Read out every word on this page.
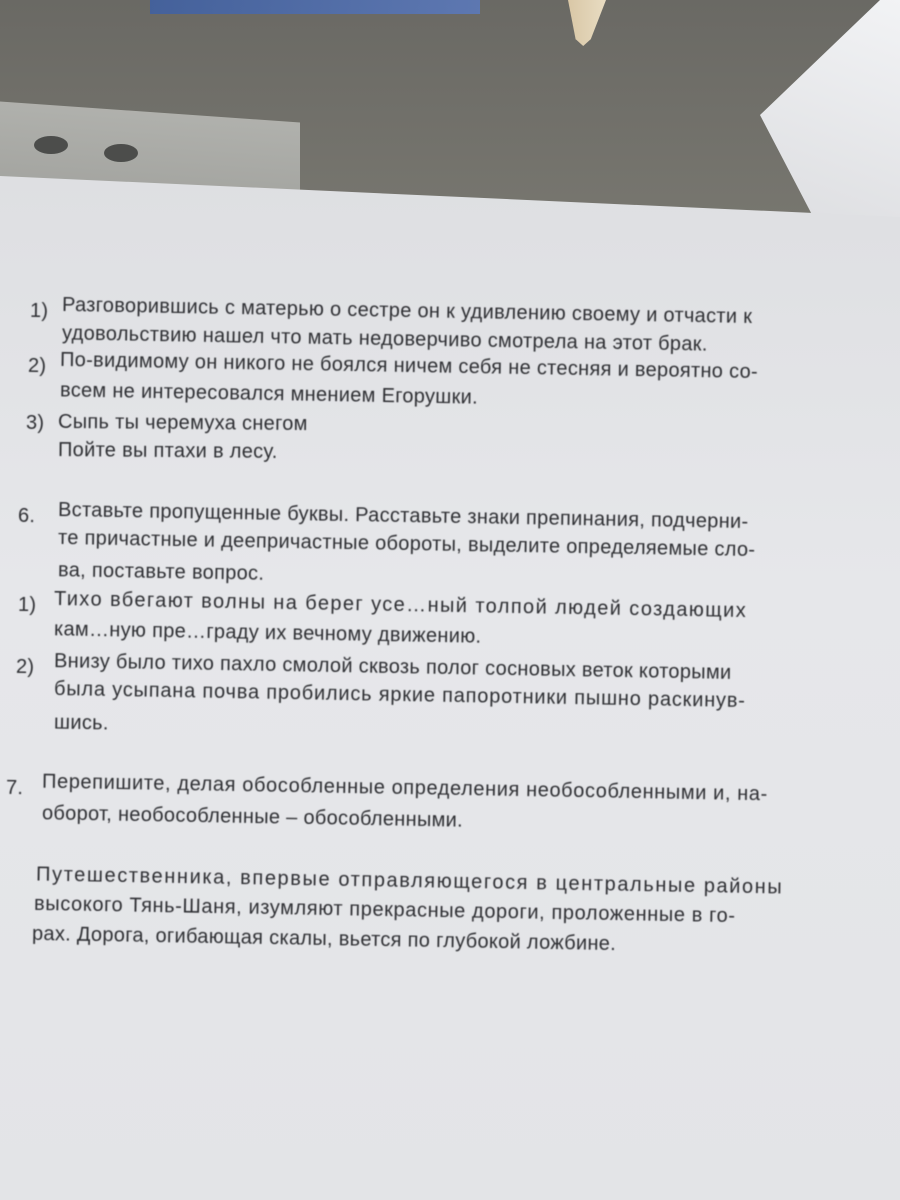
1) Разговорившись с матерью о сестре он к удивлению своему и отчасти к
удовольствию нашел что мать недоверчиво смотрела на этот брак.
2) По-видимому он никого не боялся ничем себя не стесняя и вероятно со-
всем не интересовался мнением Егорушки.
3) Сыпь ты черемуха снегом
Пойте вы птахи в лесу.
6. Вставьте пропущенные буквы. Расставьте знаки препинания, подчерни-
те причастные и деепричастные обороты, выделите определяемые сло-
ва, поставьте вопрос.
1) Тихо вбегают волны на берег усе…ный толпой людей создающих
кам…ную пре…граду их вечному движению.
2) Внизу было тихо пахло смолой сквозь полог сосновых веток которыми
была усыпана почва пробились яркие папоротники пышно раскинув-
шись.
7. Перепишите, делая обособленные определения необособленными и, на-
оборот, необособленные – обособленными.
Путешественника, впервые отправляющегося в центральные районы
высокого Тянь-Шаня, изумляют прекрасные дороги, проложенные в го-
рах. Дорога, огибающая скалы, вьется по глубокой ложбине.
